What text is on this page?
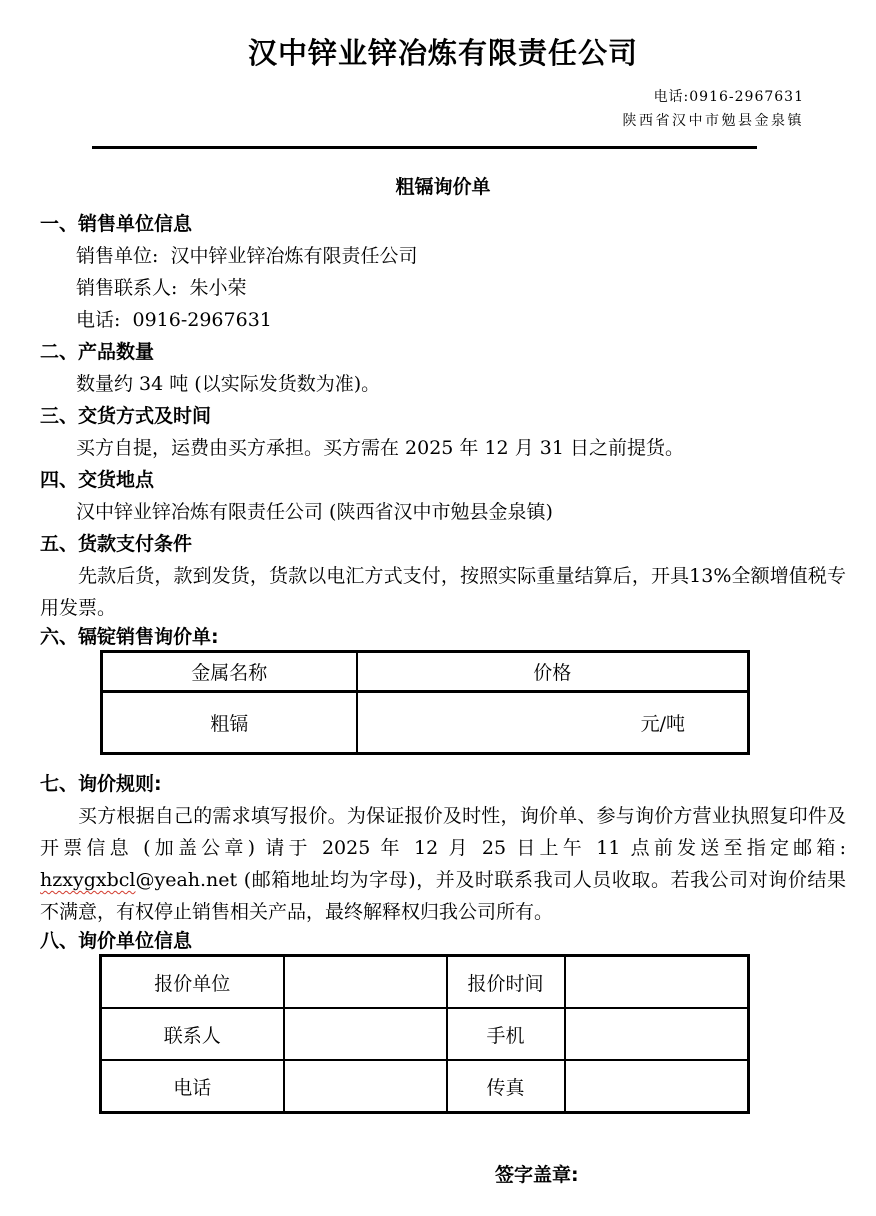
汉中锌业锌冶炼有限责任公司
电话:0916-2967631
陕西省汉中市勉县金泉镇
粗镉询价单
一、销售单位信息
销售单位:  汉中锌业锌冶炼有限责任公司
销售联系人:  朱小荣
电话:  0916-2967631
二、产品数量
数量约 34 吨 (以实际发货数为准)。
三、交货方式及时间
买方自提，运费由买方承担。买方需在 2025 年 12 月 31 日之前提货。
四、交货地点
汉中锌业锌冶炼有限责任公司 (陕西省汉中市勉县金泉镇)
五、货款支付条件
先款后货，款到发货，货款以电汇方式支付，按照实际重量结算后，开具13%全额增值税专用发票。
六、镉锭销售询价单:
金属名称	价格
粗镉	元/吨
七、询价规则:
买方根据自己的需求填写报价。为保证报价及时性，询价单、参与询价方营业执照复印件及开票信息 (加盖公章) 请于 2025 年 12 月 25 日上午 11 点前发送至指定邮箱: hzxygxbcl@yeah.net (邮箱地址均为字母)，并及时联系我司人员收取。若我公司对询价结果不满意，有权停止销售相关产品，最终解释权归我公司所有。
八、询价单位信息
报价单位		报价时间	
联系人		手机	
电话		传真	
签字盖章:
